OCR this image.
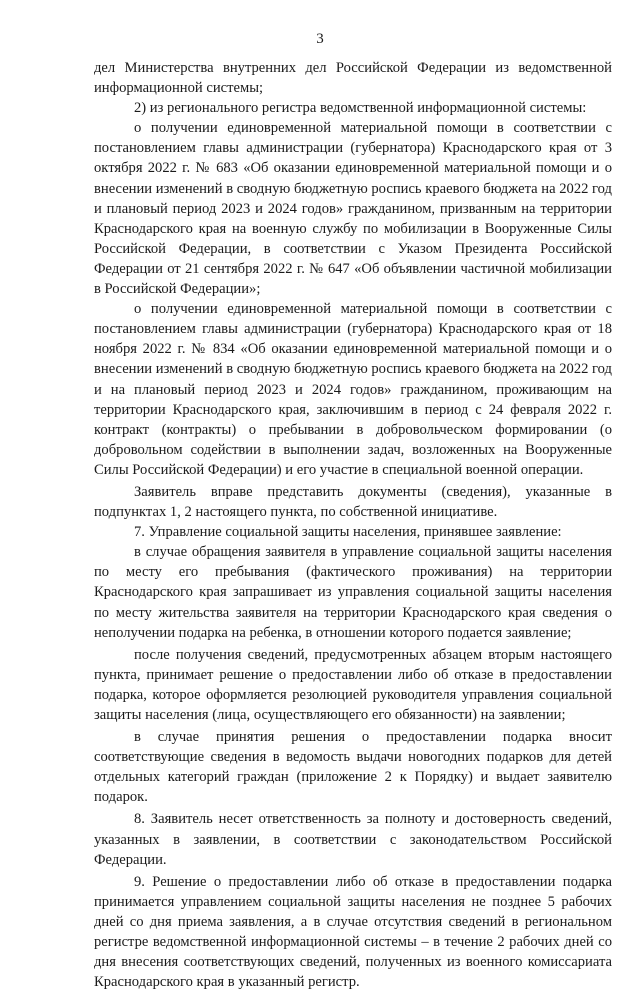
3

дел Министерства внутренних дел Российской Федерации из ведомственной информационной системы;

2) из регионального регистра ведомственной информационной системы:

о получении единовременной материальной помощи в соответствии с постановлением главы администрации (губернатора) Краснодарского края от 3 октября 2022 г. № 683 «Об оказании единовременной материальной помощи и о внесении изменений в сводную бюджетную роспись краевого бюджета на 2022 год и плановый период 2023 и 2024 годов» гражданином, призванным на территории Краснодарского края на военную службу по мобилизации в Вооруженные Силы Российской Федерации, в соответствии с Указом Президента Российской Федерации от 21 сентября 2022 г. № 647 «Об объявлении частичной мобилизации в Российской Федерации»;

о получении единовременной материальной помощи в соответствии с постановлением главы администрации (губернатора) Краснодарского края от 18 ноября 2022 г. № 834 «Об оказании единовременной материальной помощи и о внесении изменений в сводную бюджетную роспись краевого бюджета на 2022 год и на плановый период 2023 и 2024 годов» гражданином, проживающим на территории Краснодарского края, заключившим в период с 24 февраля 2022 г. контракт (контракты) о пребывании в добровольческом формировании (о добровольном содействии в выполнении задач, возложенных на Вооруженные Силы Российской Федерации) и его участие в специальной военной операции.

Заявитель вправе представить документы (сведения), указанные в подпунктах 1, 2 настоящего пункта, по собственной инициативе.

7. Управление социальной защиты населения, принявшее заявление:

в случае обращения заявителя в управление социальной защиты населения по месту его пребывания (фактического проживания) на территории Краснодарского края запрашивает из управления социальной защиты населения по месту жительства заявителя на территории Краснодарского края сведения о неполучении подарка на ребенка, в отношении которого подается заявление;

после получения сведений, предусмотренных абзацем вторым настоящего пункта, принимает решение о предоставлении либо об отказе в предоставлении подарка, которое оформляется резолюцией руководителя управления социальной защиты населения (лица, осуществляющего его обязанности) на заявлении;

в случае принятия решения о предоставлении подарка вносит соответствующие сведения в ведомость выдачи новогодних подарков для детей отдельных категорий граждан (приложение 2 к Порядку) и выдает заявителю подарок.

8. Заявитель несет ответственность за полноту и достоверность сведений, указанных в заявлении, в соответствии с законодательством Российской Федерации.

9. Решение о предоставлении либо об отказе в предоставлении подарка принимается управлением социальной защиты населения не позднее 5 рабочих дней со дня приема заявления, а в случае отсутствия сведений в региональном регистре ведомственной информационной системы – в течение 2 рабочих дней со дня внесения соответствующих сведений, полученных из военного комиссариата Краснодарского края в указанный регистр.
